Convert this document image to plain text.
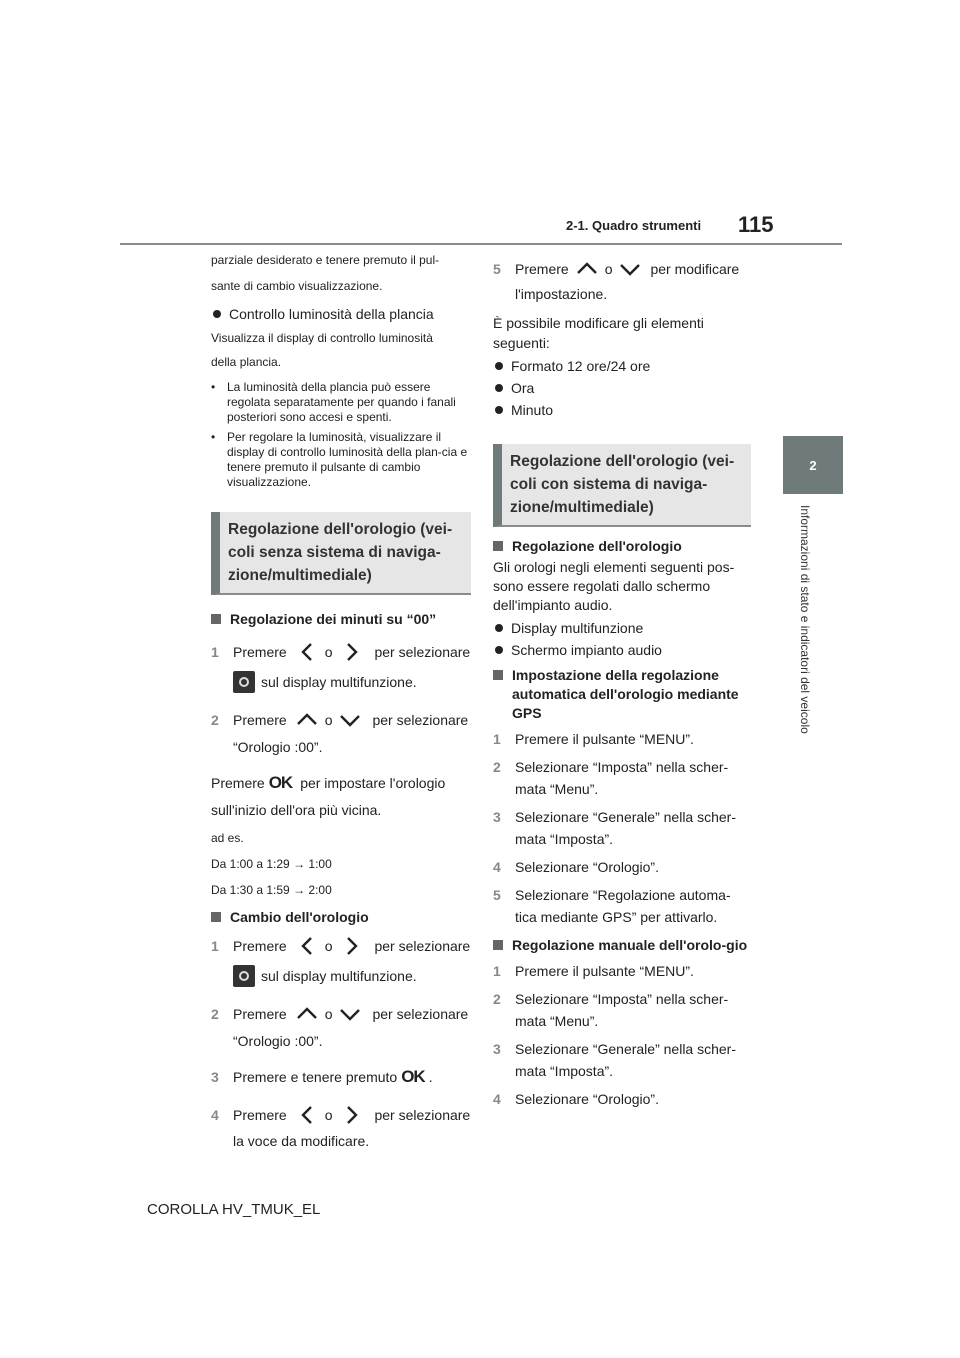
2-1. Quadro strumenti 115
2
Informazioni di stato e indicatori del veicolo

parziale desiderato e tenere premuto il pul-

sante di cambio visualizzazione.

Controllo luminosità della plancia

Visualizza il display di controllo luminosità

della plancia.

• La luminosità della plancia può essere regolata separatamente per quando i fanali posteriori sono accesi e spenti.
• Per regolare la luminosità, visualizzare il display di controllo luminosità della plan-cia e tenere premuto il pulsante di cambio visualizzazione.
Regolazione dell'orologio (vei-coli senza sistema di naviga-zione/multimediale)
Regolazione dei minuti su “00”
1	Premere	o	per selezionare
sul display multifunzione.
2	Premere	o	per selezionare
“Orologio :00”.
Premere OK per impostare l'orologio
sull'inizio dell'ora più vicina.

ad es.

Da 1:00 a 1:29 → 1:00

Da 1:30 a 1:59 → 2:00

Cambio dell'orologio
1	Premere	o	per selezionare
sul display multifunzione.
2	Premere	o	per selezionare
“Orologio :00”.
3	Premere e tenere premuto OK .
4	Premere	o	per selezionare
la voce da modificare.
5	Premere	o	per modificare
l'impostazione.

È possibile modificare gli elementi

seguenti:

Formato 12 ore/24 ore
Ora
Minuto
Regolazione dell'orologio (vei-coli con sistema di naviga-zione/multimediale)
Regolazione dell'orologio

Gli orologi negli elementi seguenti pos-sono essere regolati dallo schermo dell'impianto audio.

Display multifunzione
Schermo impianto audio
Impostazione della regolazione automatica dell'orologio mediante GPS
1	Premere il pulsante “MENU”.
2	Selezionare “Imposta” nella scher-mata “Menu”.
3	Selezionare “Generale” nella scher-mata “Imposta”.
4	Selezionare “Orologio”.
5	Selezionare “Regolazione automa-tica mediante GPS” per attivarlo.
Regolazione manuale dell'orolo-gio
1	Premere il pulsante “MENU”.
2	Selezionare “Imposta” nella scher-mata “Menu”.
3	Selezionare “Generale” nella scher-mata “Imposta”.
4	Selezionare “Orologio”.
COROLLA HV_TMUK_EL
